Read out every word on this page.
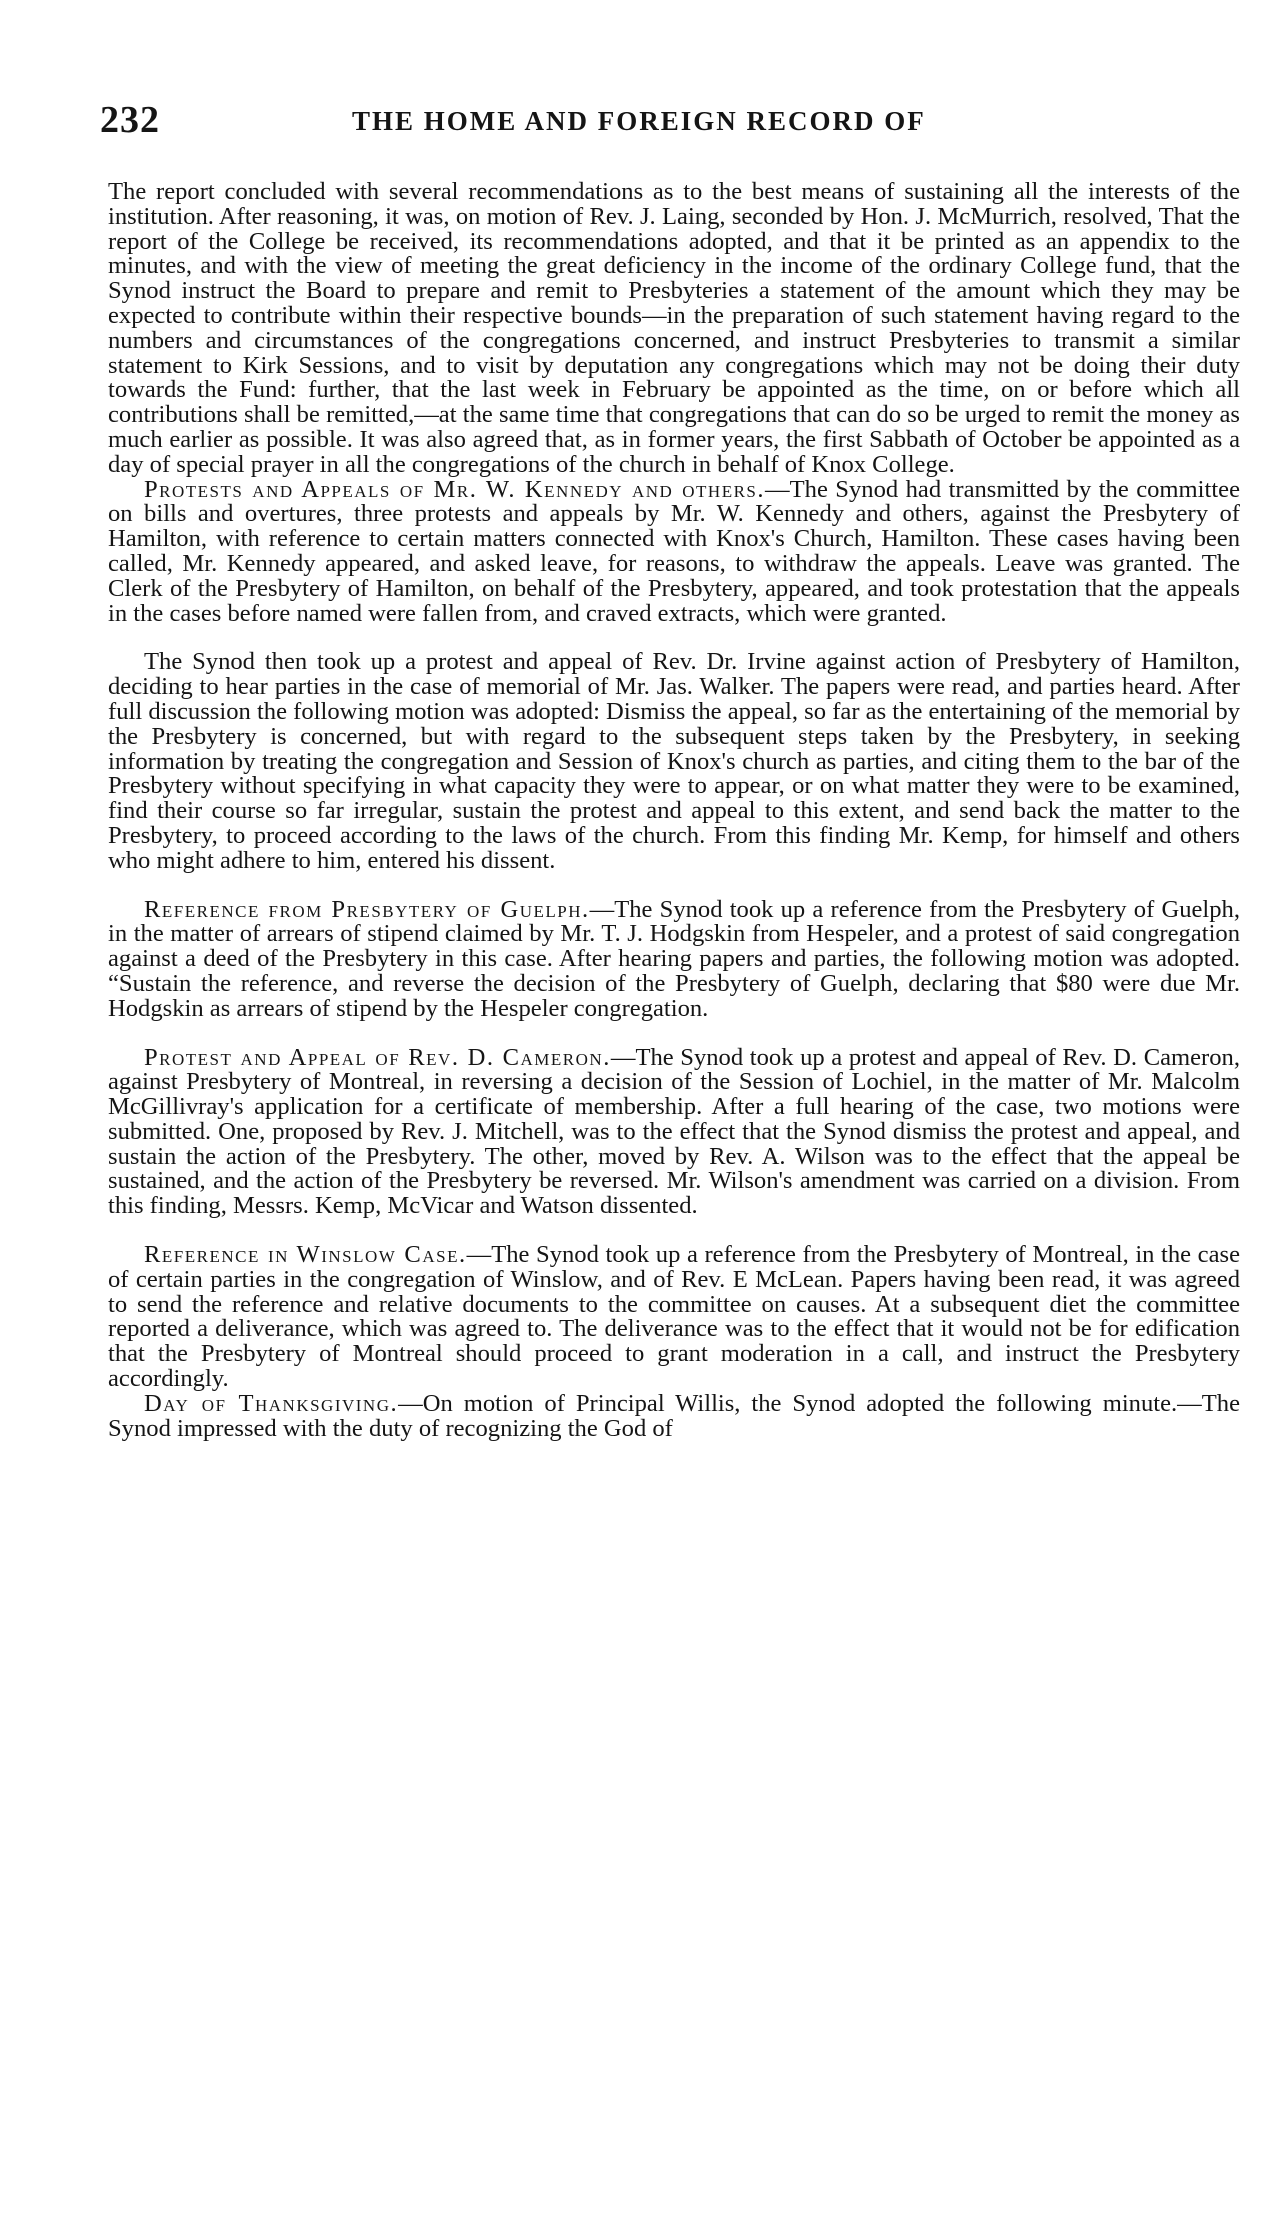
232	THE HOME AND FOREIGN RECORD OF

The report concluded with several recommendations as to the best means of sustaining all the interests of the institution. After reasoning, it was, on motion of Rev. J. Laing, seconded by Hon. J. McMurrich, resolved, That the report of the College be received, its recommendations adopted, and that it be printed as an appendix to the minutes, and with the view of meeting the great deficiency in the income of the ordinary College fund, that the Synod instruct the Board to prepare and remit to Presbyteries a statement of the amount which they may be expected to contribute within their respective bounds—in the preparation of such statement having regard to the numbers and circumstances of the congregations concerned, and instruct Presbyteries to transmit a similar statement to Kirk Sessions, and to visit by deputation any congregations which may not be doing their duty towards the Fund: further, that the last week in February be appointed as the time, on or before which all contributions shall be remitted,—at the same time that congregations that can do so be urged to remit the money as much earlier as possible. It was also agreed that, as in former years, the first Sabbath of October be appointed as a day of special prayer in all the congregations of the church in behalf of Knox College.

Protests and Appeals of Mr. W. Kennedy and others.—The Synod had transmitted by the committee on bills and overtures, three protests and appeals by Mr. W. Kennedy and others, against the Presbytery of Hamilton, with reference to certain matters connected with Knox's Church, Hamilton. These cases having been called, Mr. Kennedy appeared, and asked leave, for reasons, to withdraw the appeals. Leave was granted. The Clerk of the Presbytery of Hamilton, on behalf of the Presbytery, appeared, and took protestation that the appeals in the cases before named were fallen from, and craved extracts, which were granted.

The Synod then took up a protest and appeal of Rev. Dr. Irvine against action of Presbytery of Hamilton, deciding to hear parties in the case of memorial of Mr. Jas. Walker. The papers were read, and parties heard. After full discussion the following motion was adopted: Dismiss the appeal, so far as the entertaining of the memorial by the Presbytery is concerned, but with regard to the subsequent steps taken by the Presbytery, in seeking information by treating the congregation and Session of Knox's church as parties, and citing them to the bar of the Presbytery without specifying in what capacity they were to appear, or on what matter they were to be examined, find their course so far irregular, sustain the protest and appeal to this extent, and send back the matter to the Presbytery, to proceed according to the laws of the church. From this finding Mr. Kemp, for himself and others who might adhere to him, entered his dissent.

Reference from Presbytery of Guelph.—The Synod took up a reference from the Presbytery of Guelph, in the matter of arrears of stipend claimed by Mr. T. J. Hodgskin from Hespeler, and a protest of said congregation against a deed of the Presbytery in this case. After hearing papers and parties, the following motion was adopted. “Sustain the reference, and reverse the decision of the Presbytery of Guelph, declaring that $80 were due Mr. Hodgskin as arrears of stipend by the Hespeler congregation.

Protest and Appeal of Rev. D. Cameron.—The Synod took up a protest and appeal of Rev. D. Cameron, against Presbytery of Montreal, in reversing a decision of the Session of Lochiel, in the matter of Mr. Malcolm McGillivray's application for a certificate of membership. After a full hearing of the case, two motions were submitted. One, proposed by Rev. J. Mitchell, was to the effect that the Synod dismiss the protest and appeal, and sustain the action of the Presbytery. The other, moved by Rev. A. Wilson was to the effect that the appeal be sustained, and the action of the Presbytery be reversed. Mr. Wilson's amendment was carried on a division. From this finding, Messrs. Kemp, McVicar and Watson dissented.

Reference in Winslow Case.—The Synod took up a reference from the Presbytery of Montreal, in the case of certain parties in the congregation of Winslow, and of Rev. E McLean. Papers having been read, it was agreed to send the reference and relative documents to the committee on causes. At a subsequent diet the committee reported a deliverance, which was agreed to. The deliverance was to the effect that it would not be for edification that the Presbytery of Montreal should proceed to grant moderation in a call, and instruct the Presbytery accordingly.

Day of Thanksgiving.—On motion of Principal Willis, the Synod adopted the following minute.—The Synod impressed with the duty of recognizing the God of
